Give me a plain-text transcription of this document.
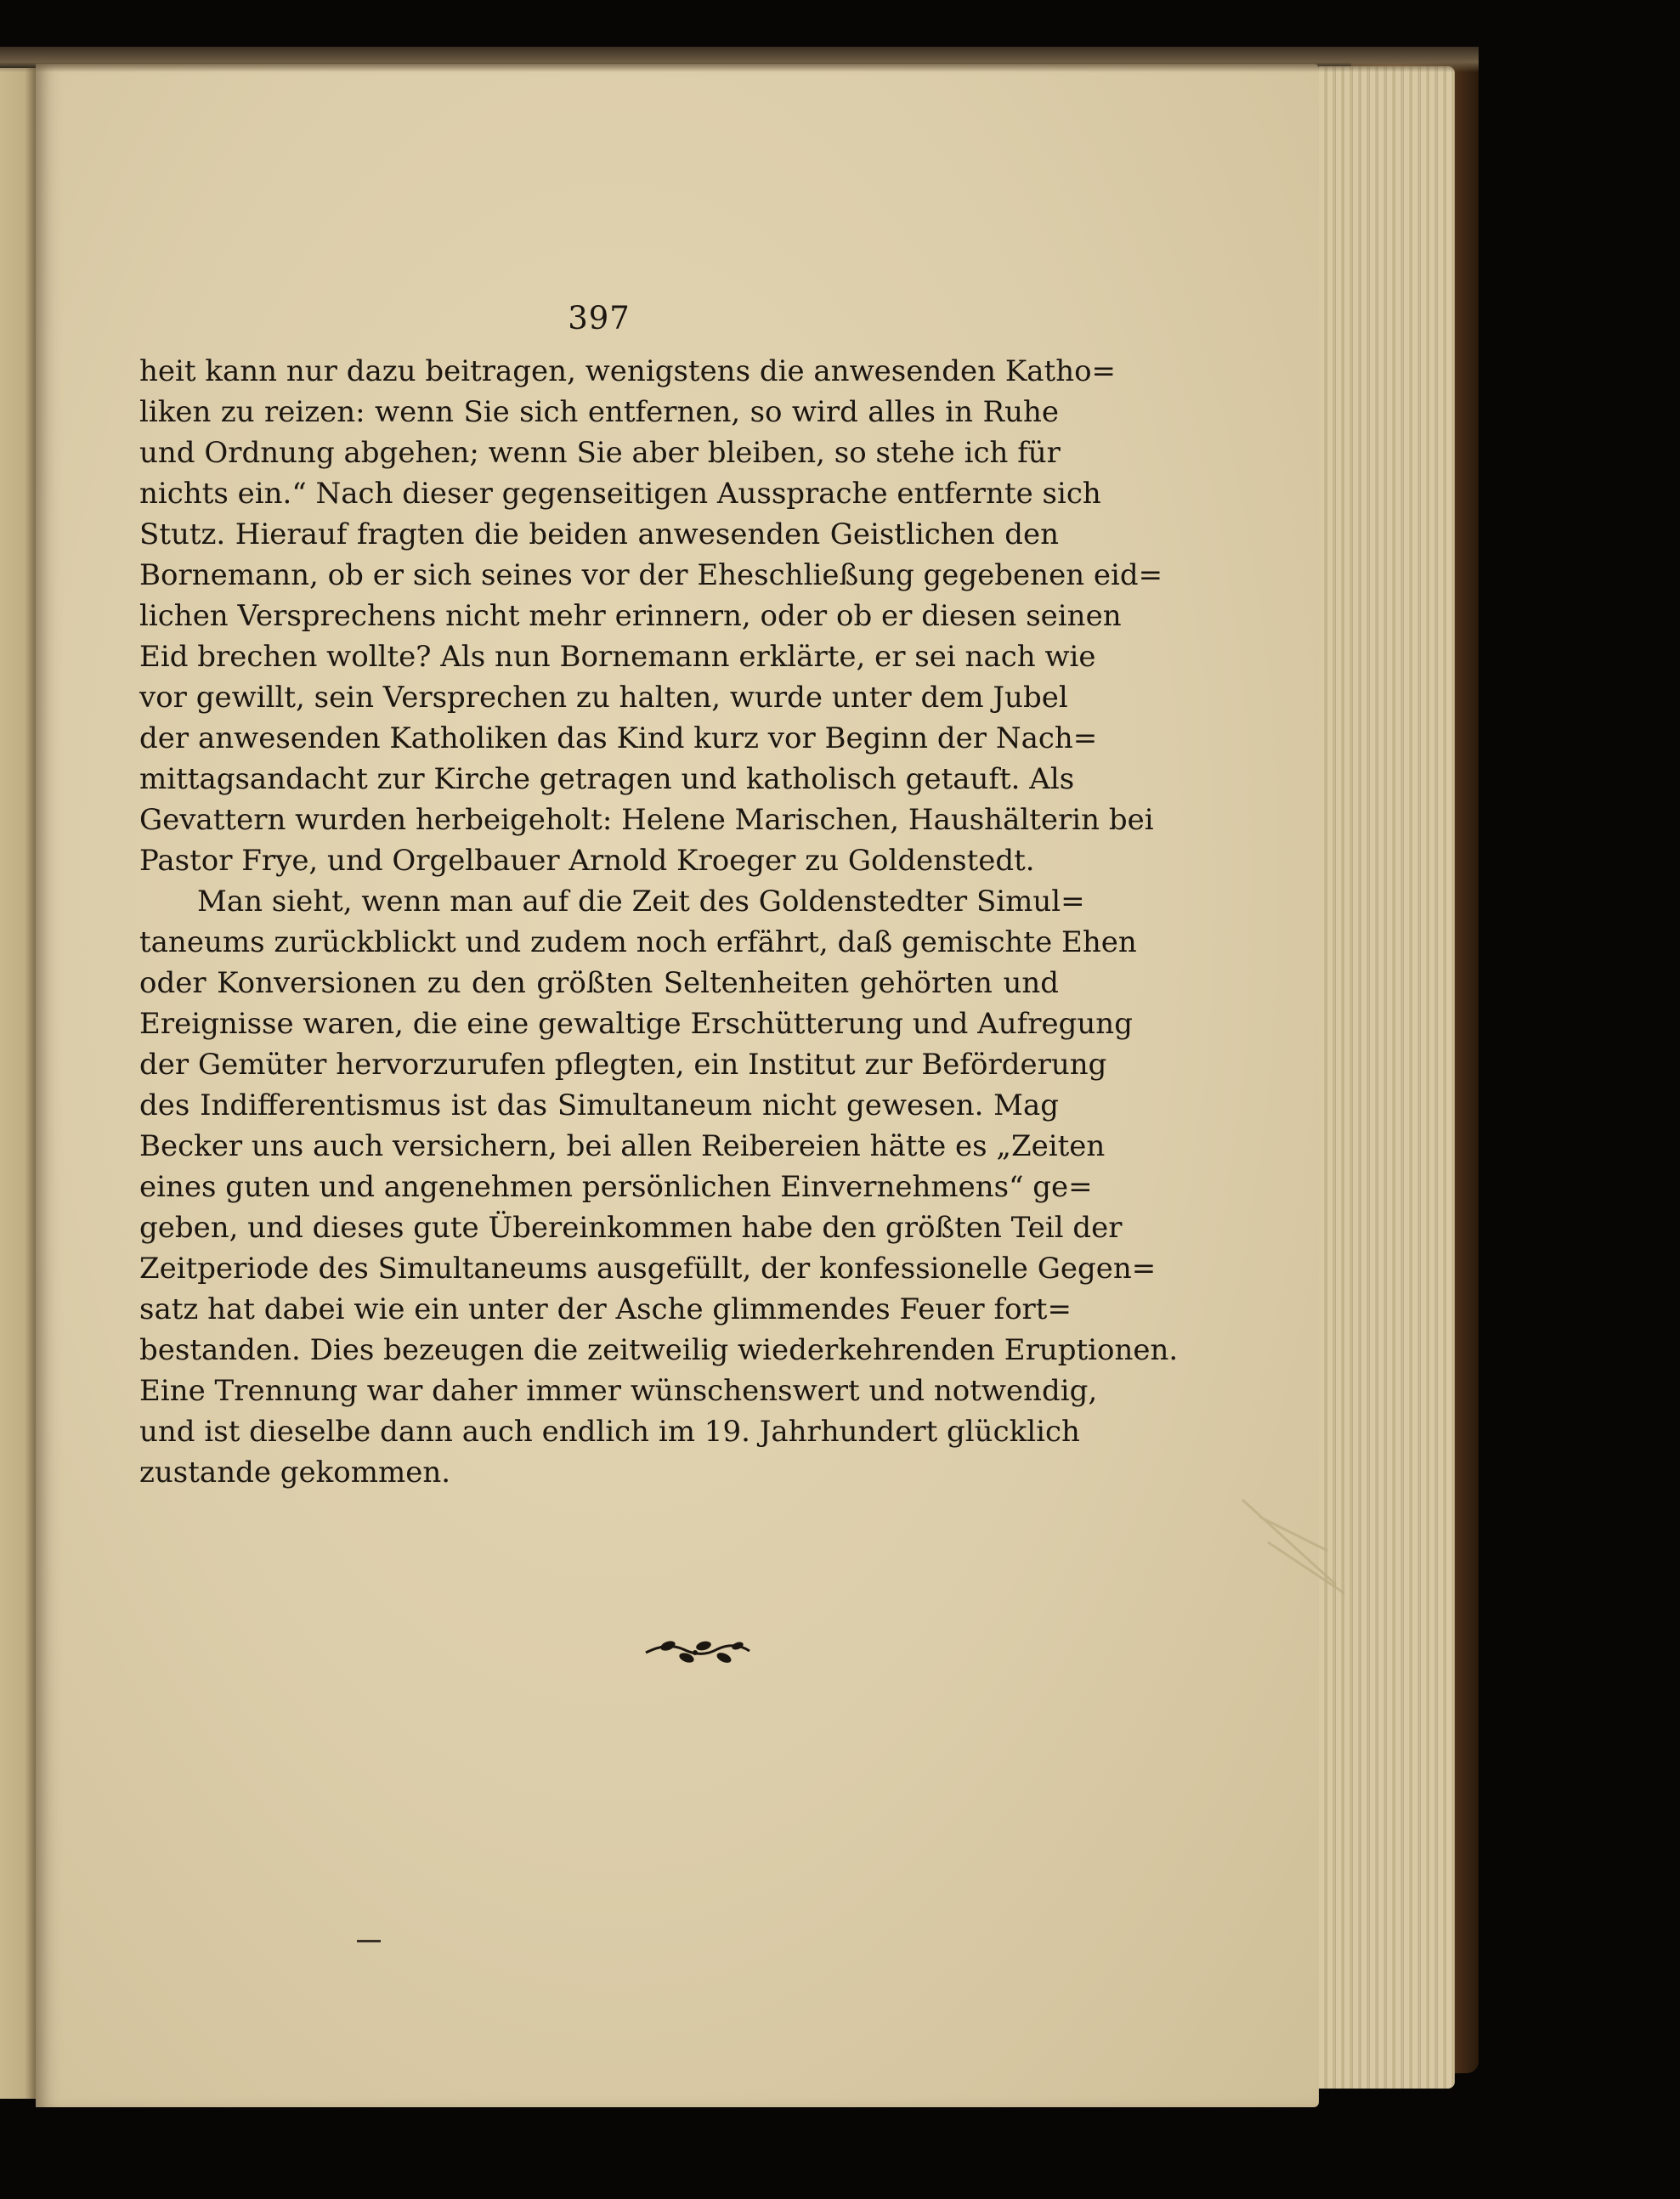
397
heit kann nur dazu beitragen, wenigstens die anwesenden Katho=
liken zu reizen: wenn Sie sich entfernen, so wird alles in Ruhe
und Ordnung abgehen; wenn Sie aber bleiben, so stehe ich für
nichts ein.“ Nach dieser gegenseitigen Aussprache entfernte sich
Stutz. Hierauf fragten die beiden anwesenden Geistlichen den
Bornemann, ob er sich seines vor der Eheschließung gegebenen eid=
lichen Versprechens nicht mehr erinnern, oder ob er diesen seinen
Eid brechen wollte? Als nun Bornemann erklärte, er sei nach wie
vor gewillt, sein Versprechen zu halten, wurde unter dem Jubel
der anwesenden Katholiken das Kind kurz vor Beginn der Nach=
mittagsandacht zur Kirche getragen und katholisch getauft. Als
Gevattern wurden herbeigeholt: Helene Marischen, Haushälterin bei
Pastor Frye, und Orgelbauer Arnold Kroeger zu Goldenstedt.
Man sieht, wenn man auf die Zeit des Goldenstedter Simul=
taneums zurückblickt und zudem noch erfährt, daß gemischte Ehen
oder Konversionen zu den größten Seltenheiten gehörten und
Ereignisse waren, die eine gewaltige Erschütterung und Aufregung
der Gemüter hervorzurufen pflegten, ein Institut zur Beförderung
des Indifferentismus ist das Simultaneum nicht gewesen. Mag
Becker uns auch versichern, bei allen Reibereien hätte es „Zeiten
eines guten und angenehmen persönlichen Einvernehmens“ ge=
geben, und dieses gute Übereinkommen habe den größten Teil der
Zeitperiode des Simultaneums ausgefüllt, der konfessionelle Gegen=
satz hat dabei wie ein unter der Asche glimmendes Feuer fort=
bestanden. Dies bezeugen die zeitweilig wiederkehrenden Eruptionen.
Eine Trennung war daher immer wünschenswert und notwendig,
und ist dieselbe dann auch endlich im 19. Jahrhundert glücklich
zustande gekommen.
